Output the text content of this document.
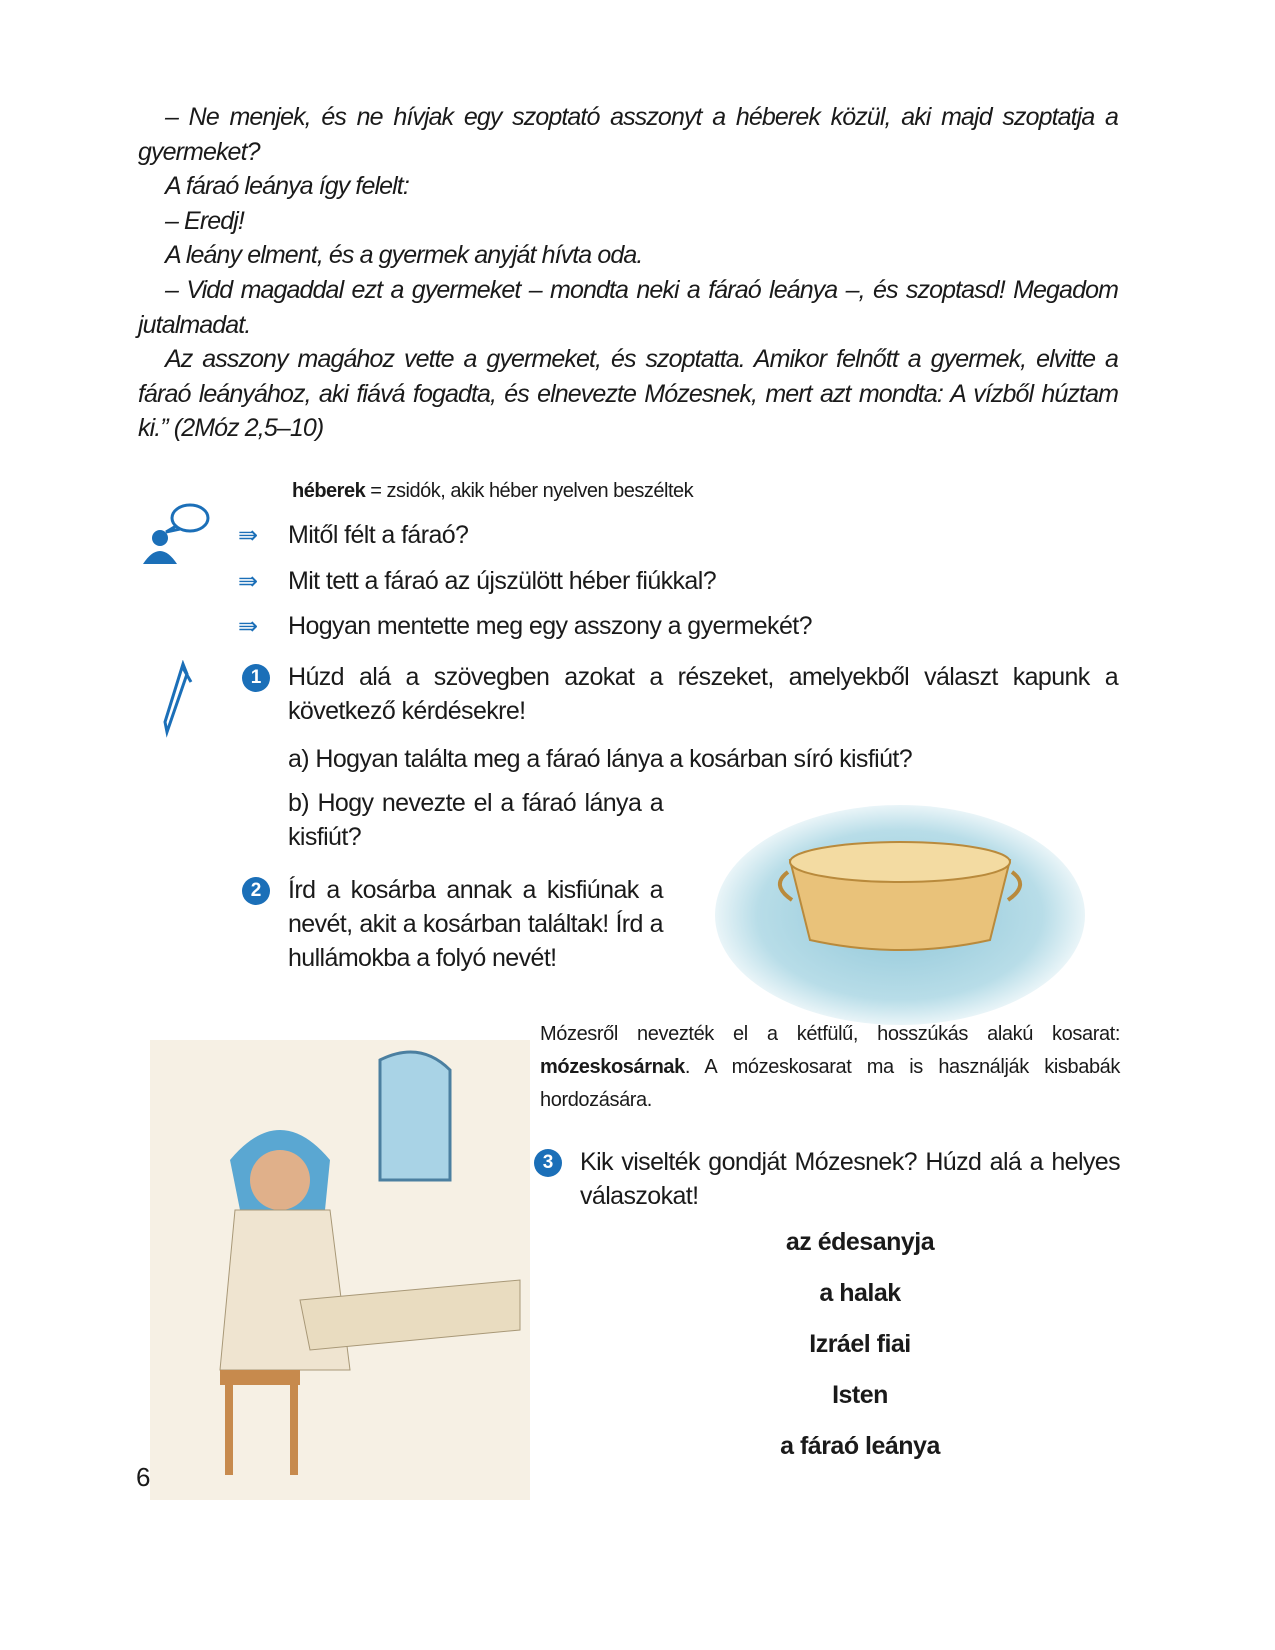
– Ne menjek, és ne hívjak egy szoptató asszonyt a héberek közül, aki majd szoptatja a gyermeket?

A fáraó leánya így felelt:

– Eredj!

A leány elment, és a gyermek anyját hívta oda.

– Vidd magaddal ezt a gyermeket – mondta neki a fáraó leánya –, és szoptasd! Megadom jutalmadat.

Az asszony magához vette a gyermeket, és szoptatta. Amikor felnőtt a gyermek, elvitte a fáraó leányához, aki fiává fogadta, és elnevezte Mózesnek, mert azt mondta: A vízből húztam ki.” (2Móz 2,5–10)

héberek = zsidók, akik héber nyelven beszéltek
⇛ Mitől félt a fáraó?
⇛ Mit tett a fáraó az újszülött héber fiúkkal?
⇛ Hogyan mentette meg egy asszony a gyermekét?
1	Húzd alá a szövegben azokat a részeket, amelyekből választ kapunk a következő kérdésekre!
a) Hogyan találta meg a fáraó lánya a kosárban síró kisfiút?
b) Hogy nevezte el a fáraó lánya a kisfiút?
2	Írd a kosárba annak a kisfiúnak a nevét, akit a kosárban találtak! Írd a hullámokba a folyó nevét!
Mózesről nevezték el a kétfülű, hosszúkás alakú kosarat: mózeskosárnak. A mózeskosarat ma is használják kisbabák hordozására.
3	Kik viselték gondját Mózesnek? Húzd alá a helyes válaszokat!
az édesanyja
a halak
Izráel fiai
Isten
a fáraó leánya
6
